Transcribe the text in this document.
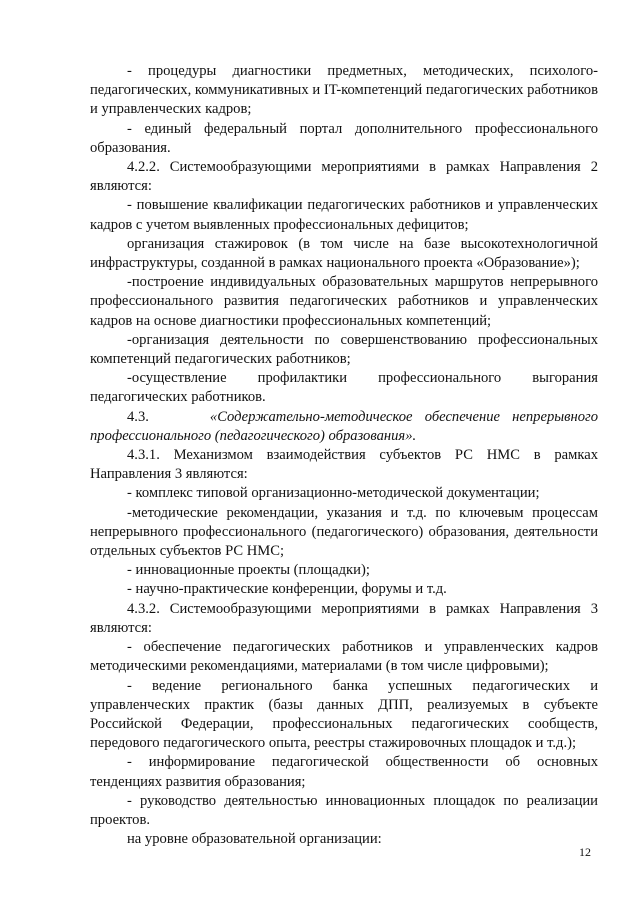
- процедуры диагностики предметных, методических, психолого-педагогических, коммуникативных и IT-компетенций педагогических работников и управленческих кадров;

- единый федеральный портал дополнительного профессионального образования.

4.2.2. Системообразующими мероприятиями в рамках Направления 2 являются:

- повышение квалификации педагогических работников и управленческих кадров с учетом выявленных профессиональных дефицитов;

организация стажировок (в том числе на базе высокотехнологичной инфраструктуры, созданной в рамках национального проекта «Образование»);

-построение индивидуальных образовательных маршрутов непрерывного профессионального развития педагогических работников и управленческих кадров на основе диагностики профессиональных компетенций;

-организация деятельности по совершенствованию профессиональных компетенций педагогических работников;

-осуществление профилактики профессионального выгорания педагогических работников.

4.3.	«Содержательно-методическое обеспечение непрерывного профессионального (педагогического) образования».

4.3.1. Механизмом взаимодействия субъектов РС НМС в рамках Направления 3 являются:

- комплекс типовой организационно-методической документации;

-методические рекомендации, указания и т.д. по ключевым процессам непрерывного профессионального (педагогического) образования, деятельности отдельных субъектов РС НМС;

- инновационные проекты (площадки);

- научно-практические конференции, форумы и т.д.

4.3.2. Системообразующими мероприятиями в рамках Направления 3 являются:

- обеспечение педагогических работников и управленческих кадров методическими рекомендациями, материалами (в том числе цифровыми);

- ведение регионального банка успешных педагогических и управленческих практик (базы данных ДПП, реализуемых в субъекте Российской Федерации, профессиональных педагогических сообществ, передового педагогического опыта, реестры стажировочных площадок и т.д.);

- информирование педагогической общественности об основных тенденциях развития образования;

- руководство деятельностью инновационных площадок по реализации проектов.

на уровне образовательной организации:

12
